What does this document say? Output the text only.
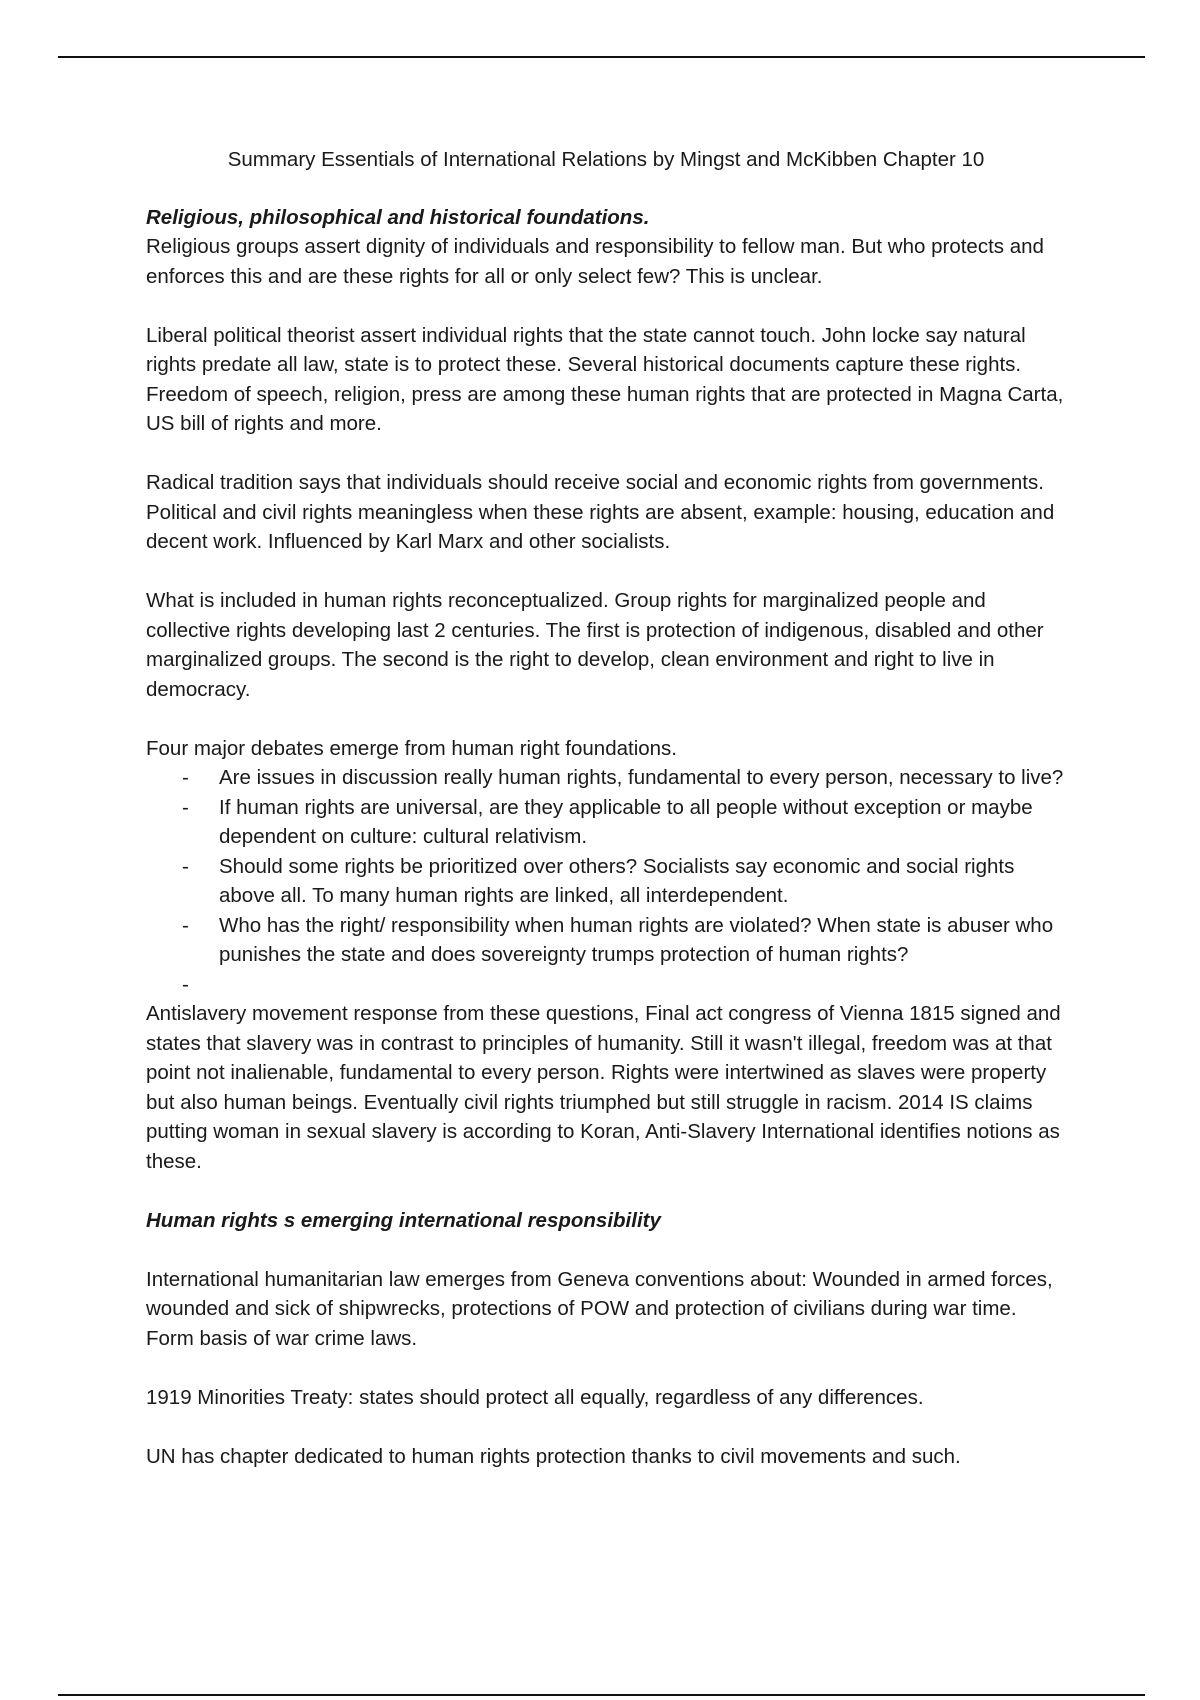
Summary Essentials of International Relations by Mingst and McKibben Chapter 10
Religious, philosophical and historical foundations.

Religious groups assert dignity of individuals and responsibility to fellow man. But who protects and enforces this and are these rights for all or only select few? This is unclear.

Liberal political theorist assert individual rights that the state cannot touch. John locke say natural rights predate all law, state is to protect these. Several historical documents capture these rights. Freedom of speech, religion, press are among these human rights that are protected in Magna Carta, US bill of rights and more.

Radical tradition says that individuals should receive social and economic rights from governments. Political and civil rights meaningless when these rights are absent, example: housing, education and decent work. Influenced by Karl Marx and other socialists.

What is included in human rights reconceptualized. Group rights for marginalized people and collective rights developing last 2 centuries. The first is protection of indigenous, disabled and other marginalized groups. The second is the right to develop, clean environment and right to live in democracy.

Four major debates emerge from human right foundations.

- Are issues in discussion really human rights, fundamental to every person, necessary to live?
- If human rights are universal, are they applicable to all people without exception or maybe dependent on culture: cultural relativism.
- Should some rights be prioritized over others? Socialists say economic and social rights above all. To many human rights are linked, all interdependent.
- Who has the right/ responsibility when human rights are violated? When state is abuser who punishes the state and does sovereignty trumps protection of human rights?
-

Antislavery movement response from these questions, Final act congress of Vienna 1815 signed and states that slavery was in contrast to principles of humanity. Still it wasn't illegal, freedom was at that point not inalienable, fundamental to every person. Rights were intertwined as slaves were property but also human beings. Eventually civil rights triumphed but still struggle in racism. 2014 IS claims putting woman in sexual slavery is according to Koran, Anti-Slavery International identifies notions as these.

Human rights s emerging international responsibility

International humanitarian law emerges from Geneva conventions about: Wounded in armed forces, wounded and sick of shipwrecks, protections of POW and protection of civilians during war time. Form basis of war crime laws.

1919 Minorities Treaty: states should protect all equally, regardless of any differences.

UN has chapter dedicated to human rights protection thanks to civil movements and such.
